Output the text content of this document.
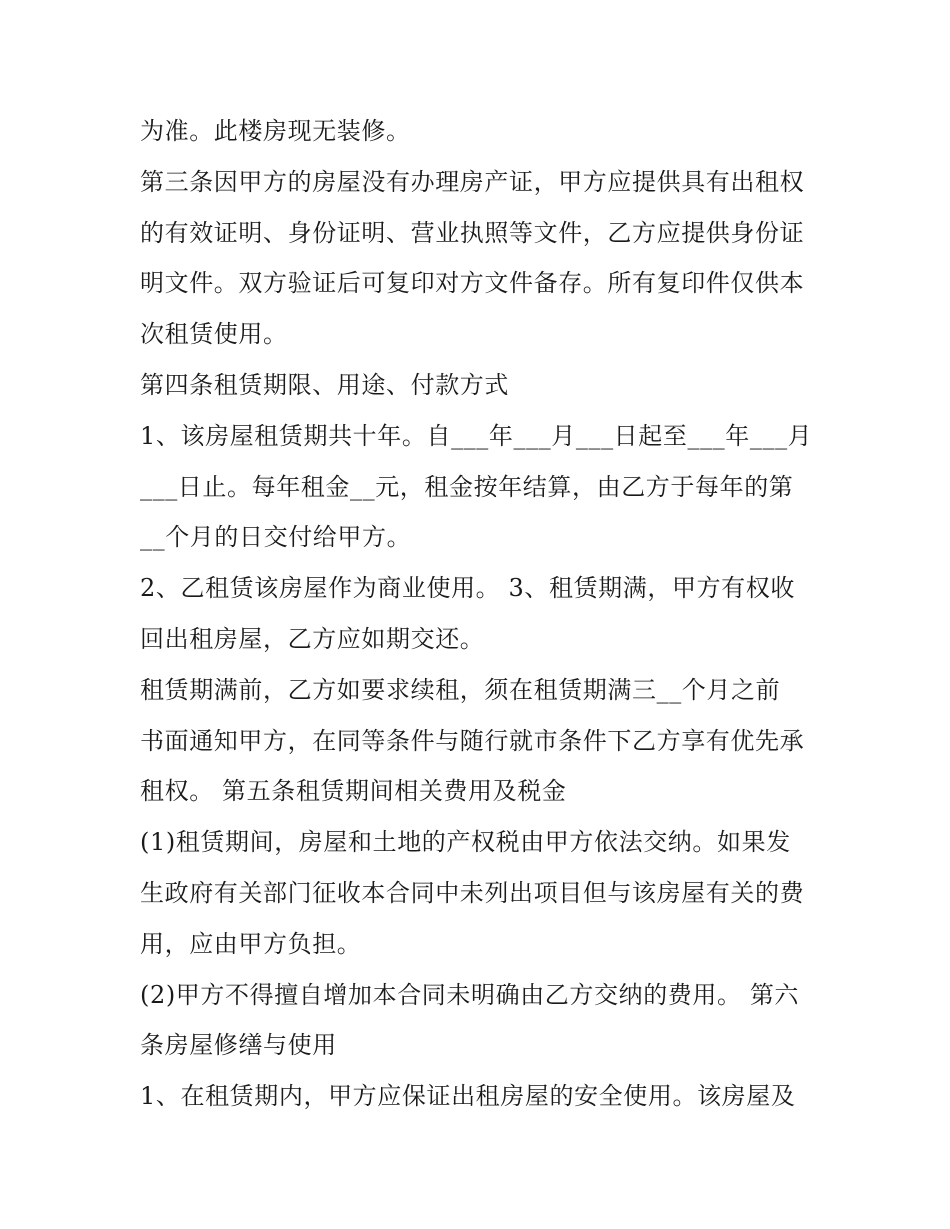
为准。此楼房现无装修。
第三条因甲方的房屋没有办理房产证，甲方应提供具有出租权
的有效证明、身份证明、营业执照等文件，乙方应提供身份证
明文件。双方验证后可复印对方文件备存。所有复印件仅供本
次租赁使用。
第四条租赁期限、用途、付款方式
1、该房屋租赁期共十年。自___年___月___日起至___年___月
___日止。每年租金__元，租金按年结算，由乙方于每年的第
__个月的日交付给甲方。
2、乙租赁该房屋作为商业使用。 3、租赁期满，甲方有权收
回出租房屋，乙方应如期交还。
租赁期满前，乙方如要求续租，须在租赁期满三__个月之前
书面通知甲方，在同等条件与随行就市条件下乙方享有优先承
租权。 第五条租赁期间相关费用及税金
(1)租赁期间，房屋和土地的产权税由甲方依法交纳。如果发
生政府有关部门征收本合同中未列出项目但与该房屋有关的费
用，应由甲方负担。
(2)甲方不得擅自增加本合同未明确由乙方交纳的费用。 第六
条房屋修缮与使用
1、在租赁期内，甲方应保证出租房屋的安全使用。该房屋及
